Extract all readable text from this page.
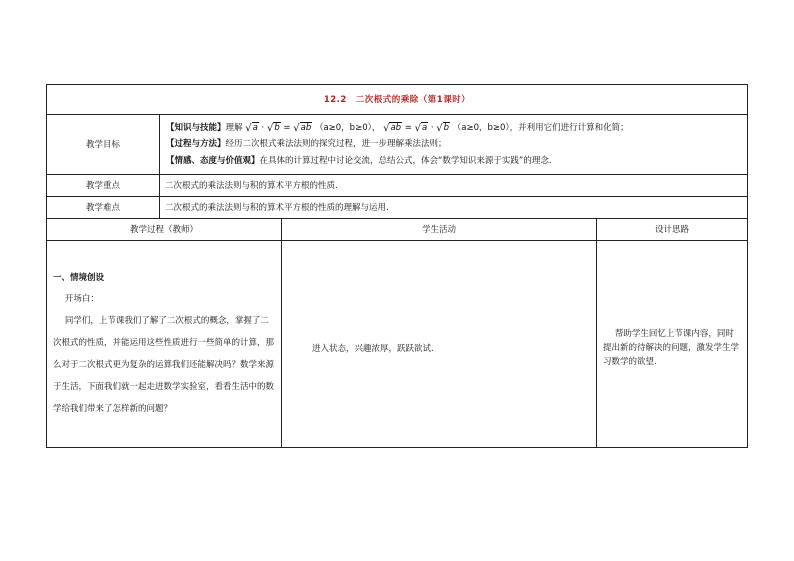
12.2　二次根式的乘除（第1课时）			
教学目标	【知识与技能】理解 √a · √b = √ab （a≥0，b≥0）， √ab = √a · √b （a≥0，b≥0），并利用它们进行计算和化简；
【过程与方法】经历二次根式乘法法则的探究过程，进一步理解乘法法则；
【情感、态度与价值观】在具体的计算过程中讨论交流，总结公式，体会“数学知识来源于实践”的理念.		

教学重点	二次根式的乘法法则与积的算术平方根的性质.		
教学难点	二次根式的乘法法则与积的算术平方根的性质的理解与运用.		
教学过程（教师）		学生活动	设计思路

一、情境创设
开场白：
同学们，上节课我们了解了二次根式的概念，掌握了二次根式的性质，并能运用这些性质进行一些简单的计算，那么对于二次根式更为复杂的运算我们还能解决吗？数学来源于生活，下面我们就一起走进数学实验室，看看生活中的数学给我们带来了怎样新的问题？		进入状态，兴趣浓厚，跃跃欲试.	帮助学生回忆上节课内容，同时提出新的待解决的问题，激发学生学习数学的欲望.
